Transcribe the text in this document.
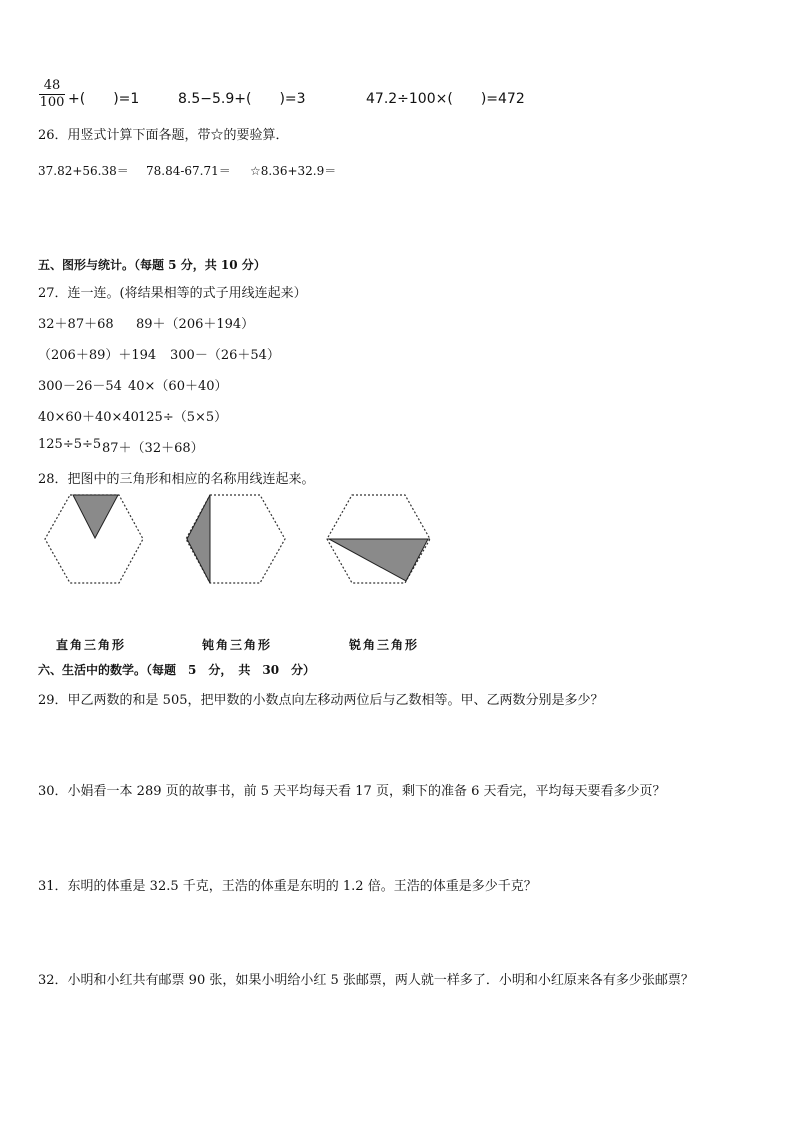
48
100 +(　　)=1	8.5−5.9+(　　)=3	47.2÷100×(　　)=472
26．用竖式计算下面各题，带☆的要验算．
37.82+56.38＝ 78.84-67.71＝ ☆8.36+32.9＝
五、图形与统计。（每题 5 分，共 10 分）
27．连一连。(将结果相等的式子用线连起来）
32＋87＋68 89＋（206＋194）
（206＋89）＋194 300－（26＋54）
300－26－54 40×（60＋40）
40×60＋40×40 125÷（5×5）
125÷5÷5 87＋（32＋68）
28．把图中的三角形和相应的名称用线连起来。
直角三角形	钝角三角形	锐角三角形
六、生活中的数学。（每题　5　分，　共　30　分）
29．甲乙两数的和是 505，把甲数的小数点向左移动两位后与乙数相等。甲、乙两数分别是多少？
30．小娟看一本 289 页的故事书，前 5 天平均每天看 17 页，剩下的准备 6 天看完，平均每天要看多少页？
31．东明的体重是 32.5 千克，王浩的体重是东明的 1.2 倍。王浩的体重是多少千克？
32．小明和小红共有邮票 90 张，如果小明给小红 5 张邮票，两人就一样多了．小明和小红原来各有多少张邮票？
